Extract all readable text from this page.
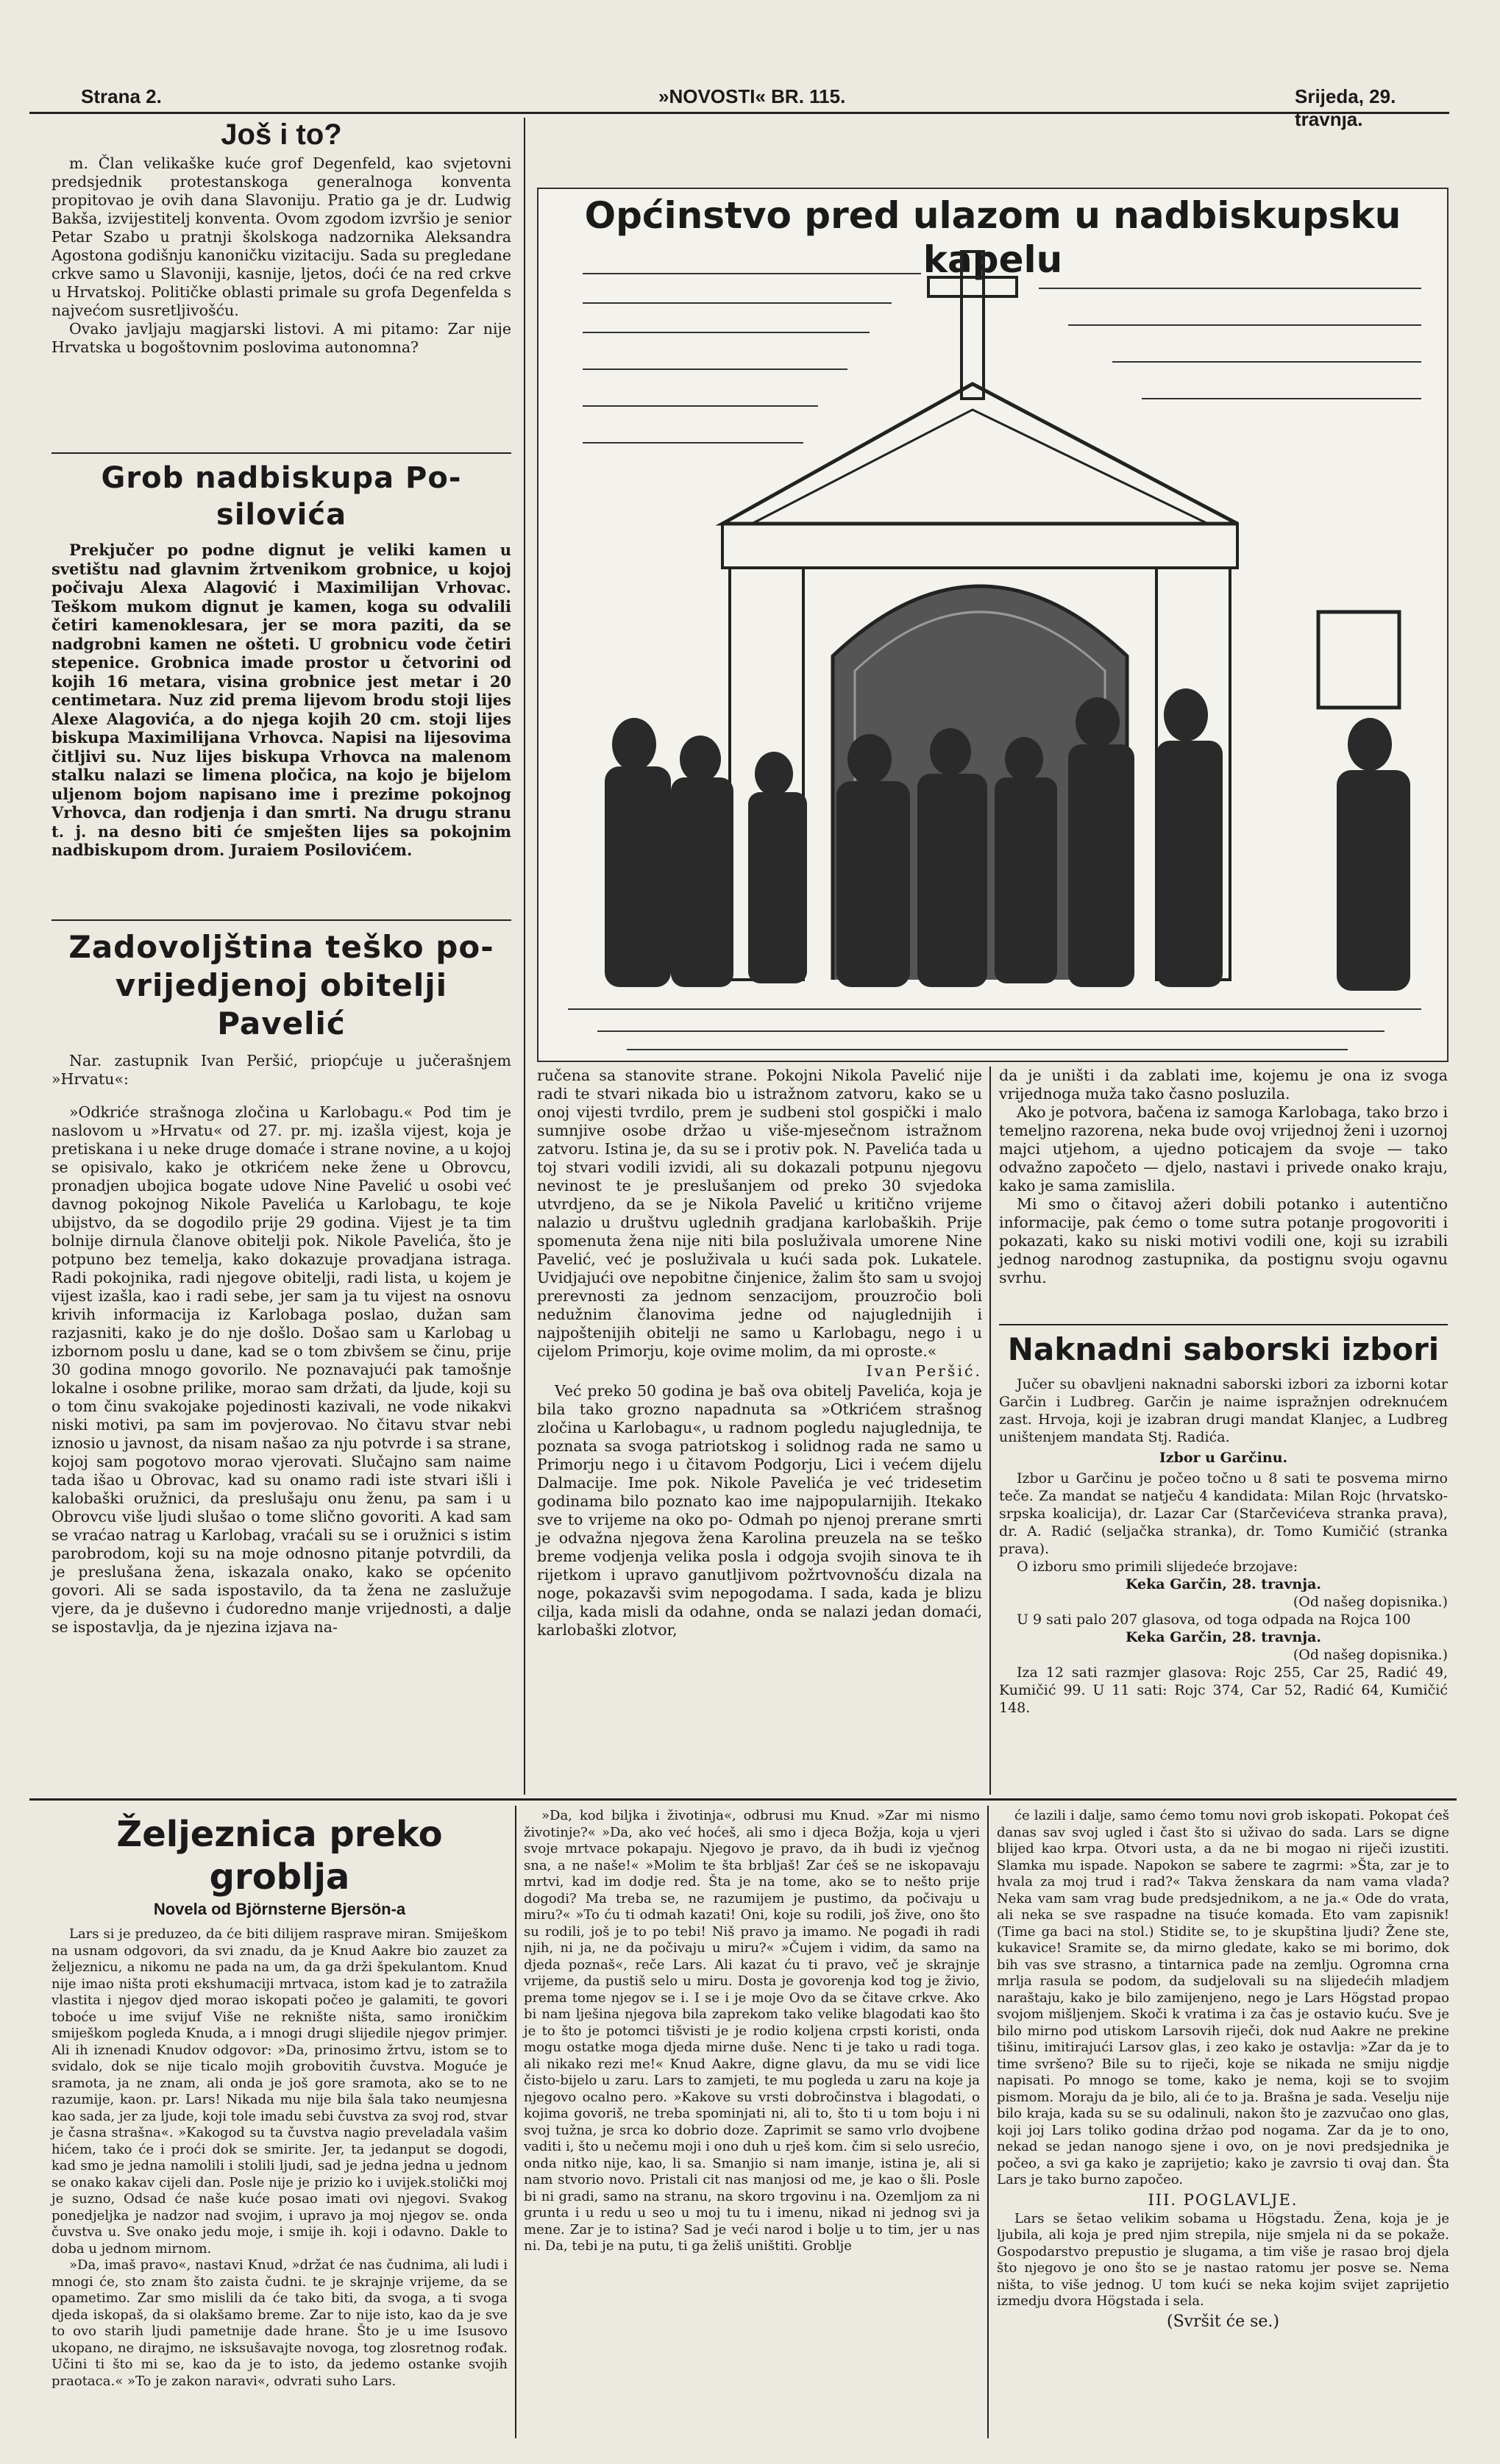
Strana 2.	»NOVOSTI« BR. 115.	Srijeda, 29. travnja.
Još i to?

m. Član velikaške kuće grof Degenfeld, kao svjetovni predsjednik protestanskoga generalnoga konventa propitovao je ovih dana Slavoniju. Pratio ga je dr. Ludwig Bakša, izvijestitelj konventa. Ovom zgodom izvršio je senior Petar Szabo u pratnji školskoga nadzornika Aleksandra Agostona godišnju kanoničku vizitaciju. Sada su pregledane crkve samo u Slavoniji, kasnije, ljetos, doći će na red crkve u Hrvatskoj. Političke oblasti primale su grofa Degenfelda s najvećom susretljivošću.

Ovako javljaju magjarski listovi. A mi pitamo: Zar nije Hrvatska u bogoštovnim poslovima autonomna?

Grob nadbiskupa Po-
silovića

Prekjučer po podne dignut je veliki kamen u svetištu nad glavnim žrtvenikom grobnice, u kojoj počivaju Alexa Alagović i Maximilijan Vrhovac. Teškom mukom dignut je kamen, koga su odvalili četiri kamenoklesara, jer se mora paziti, da se nadgrobni kamen ne ošteti. U grobnicu vode četiri stepenice. Grobnica imade prostor u četvorini od kojih 16 metara, visina grobnice jest metar i 20 centimetara. Nuz zid prema lijevom brodu stoji lijes Alexe Alagovića, a do njega kojih 20 cm. stoji lijes biskupa Maximilijana Vrhovca. Napisi na lijesovima čitljivi su. Nuz lijes biskupa Vrhovca na malenom stalku nalazi se limena pločica, na kojo je bijelom uljenom bojom napisano ime i prezime pokojnog Vrhovca, dan rodjenja i dan smrti. Na drugu stranu t. j. na desno biti će smješten lijes sa pokojnim nadbiskupom drom. Juraiem Posilovićem.

Zadovoljština teško po-
vrijedjenoj obitelji
Pavelić

Nar. zastupnik Ivan Peršić, priopćuje u jučerašnjem »Hrvatu«:

»Odkriće strašnoga zločina u Karlobagu.« Pod tim je naslovom u »Hrvatu« od 27. pr. mj. izašla vijest, koja je pretiskana i u neke druge domaće i strane novine, a u kojoj se opisivalo, kako je otkrićem neke žene u Obrovcu, pronadjen ubojica bogate udove Nine Pavelić u osobi već davnog pokojnog Nikole Pavelića u Karlobagu, te koje ubijstvo, da se dogodilo prije 29 godina. Vijest je ta tim bolnije dirnula članove obitelji pok. Nikole Pavelića, što je potpuno bez temelja, kako dokazuje provadjana istraga. Radi pokojnika, radi njegove obitelji, radi lista, u kojem je vijest izašla, kao i radi sebe, jer sam ja tu vijest na osnovu krivih informacija iz Karlobaga poslao, dužan sam razjasniti, kako je do nje došlo. Došao sam u Karlobag u izbornom poslu u dane, kad se o tom zbivšem se činu, prije 30 godina mnogo govorilo. Ne poznavajući pak tamošnje lokalne i osobne prilike, morao sam držati, da ljude, koji su o tom činu svakojake pojedinosti kazivali, ne vode nikakvi niski motivi, pa sam im povjerovao. No čitavu stvar nebi iznosio u javnost, da nisam našao za nju potvrde i sa strane, kojoj sam pogotovo morao vjerovati. Slučajno sam naime tada išao u Obrovac, kad su onamo radi iste stvari išli i kalobaški oružnici, da preslušaju onu ženu, pa sam i u Obrovcu više ljudi slušao o tome slično govoriti. A kad sam se vraćao natrag u Karlobag, vraćali su se i oružnici s istim parobrodom, koji su na moje odnosno pitanje potvrdili, da je preslušana žena, iskazala onako, kako se općenito govori. Ali se sada ispostavilo, da ta žena ne zaslužuje vjere, da je duševno i ćudoredno manje vrijednosti, a dalje se ispostavlja, da je njezina izjava na-

Općinstvo pred ulazom u nadbiskupsku kapelu

ručena sa stanovite strane. Pokojni Nikola Pavelić nije radi te stvari nikada bio u istražnom zatvoru, kako se u onoj vijesti tvrdilo, prem je sudbeni stol gospički i malo sumnjive osobe držao u više-mjesečnom istražnom zatvoru. Istina je, da su se i protiv pok. N. Pavelića tada u toj stvari vodili izvidi, ali su dokazali potpunu njegovu nevinost te je preslušanjem od preko 30 svjedoka utvrdjeno, da se je Nikola Pavelić u kritično vrijeme nalazio u društvu uglednih gradjana karlobaških. Prije spomenuta žena nije niti bila posluživala umorene Nine Pavelić, već je posluživala u kući sada pok. Lukatele. Uvidjajući ove nepobitne činjenice, žalim što sam u svojoj prerevnosti za jednom senzacijom, prouzročio boli nedužnim članovima jedne od najuglednijih i najpoštenijih obitelji ne samo u Karlobagu, nego i u cijelom Primorju, koje ovime molim, da mi oprostе.«

Ivan Peršić.

Već preko 50 godina je baš ova obitelj Pavelića, koja je bila tako grozno napadnuta sa »Otkrićem strašnog zločina u Karlobagu«, u radnom pogledu najuglednija, te poznata sa svoga patriotskog i solidnog rada ne samo u Primorju nego i u čitavom Podgorju, Lici i većem dijelu Dalmacije. Ime pok. Nikole Pavelića je već tridesetim godinama bilo poznato kao ime najpopularnijih. Itekako sve to vrijeme na oko po- Odmah po njenoj prerane smrti je odvažna njegova žena Karolina preuzela na se teško breme vodjenja velika posla i odgoja svojih sinova te ih rijetkom i upravo ganutljivom požrtvovnošću dizala na noge, pokazavši svim nepogodama. I sada, kada je blizu cilja, kada misli da odahne, onda se nalazi jedan domaći, karlobaški zlotvor,

da je uništi i da zablati ime, kojemu je ona iz svoga vrijednoga muža tako časno posluzila.

Ako je potvora, bačena iz samoga Karlobaga, tako brzo i temeljno razorena, neka bude ovoj vrijednoj ženi i uzornoj majci utjehom, a ujedno poticajem da svoje — tako odvažno započeto — djelo, nastavi i privede onako kraju, kako je sama zamislila.

Mi smo o čitavoj ažeri dobili potanko i autentično informacije, pak ćemo o tome sutra potanje progovoriti i pokazati, kako su niski motivi vodili one, koji su izrabili jednog narodnog zastupnika, da postignu svoju ogavnu svrhu.

Naknadni saborski izbori

Jučer su obavljeni naknadni saborski izbori za izborni kotar Garčin i Ludbreg. Garčin je naime ispražnjen odreknućem zast. Hrvoja, koji je izabran drugi mandat Klanjec, a Ludbreg uništenjem mandata Stj. Radića.

Izbor u Garčinu.

Izbor u Garčinu je počeo točno u 8 sati te posvema mirno teče. Za mandat se natječu 4 kandidata: Milan Rojc (hrvatsko-srpska koalicija), dr. Lazar Car (Starčevićeva stranka prava), dr. A. Radić (seljačka stranka), dr. Tomo Kumičić (stranka prava).

O izboru smo primili slijedeće brzojave:

Keka Garčin, 28. travnja.

(Od našeg dopisnika.)

U 9 sati palo 207 glasova, od toga odpada na Rojca 100

Keka Garčin, 28. travnja.

(Od našeg dopisnika.)

Iza 12 sati razmjer glasova: Rojc 255, Car 25, Radić 49, Kumičić 99. U 11 sati: Rojc 374, Car 52, Radić 64, Kumičić 148.

Željeznica preko groblja
Novela od Björnsterne Bjersön-a

Lars si je preduzeo, da će biti dilijem rasprave miran. Smiješkom na usnam odgovori, da svi znadu, da je Knud Aakre bio zauzet za željeznicu, a nikomu ne pada na um, da ga drži špekulantom. Knud nije imao ništa proti ekshumaciji mrtvaca, istom kad je to zatražila vlastita i njegov djed morao iskopati počeo je galamiti, te govori toboće u ime svijuf Više ne reknište ništa, samo ironičkim smiješkom pogleda Knuda, a i mnogi drugi slijedile njegov primjer. Ali ih iznenadi Knudov odgovor: »Da, prinosimo žrtvu, istom se to svidalo, dok se nije ticalo mojih grobovitih čuvstva. Moguće je sramota, ja ne znam, ali onda je još gore sramota, ako se to ne razumije, kaon. pr. Lars! Nikada mu nije bila šala tako neumjesna kao sada, jer za ljude, koji tole imadu sebi čuvstva za svoj rod, stvar je časna strašna«. »Kakogod su ta čuvstva nagio preveladala vašim hićem, tako će i proći dok se smirite. Jer, ta jedanput se dogodi, kad smo je jedna namolili i stolili ljudi, sad je jedna jedna u jednom se onako kakav cijeli dan. Posle nije je prizio ko i uvijek.stolički moj je suzno, Odsad će naše kuće posao imati ovi njegovi. Svakog ponedjeljka je nadzor nad svojim, i upravo ja moj njegov se. onda čuvstva u. Sve onako jedu moje, i smije ih. koji i odavno. Dakle to doba u jednom mirnom.

»Da, imaš pravo«, nastavi Knud, »držat će nas čudnima, ali ludi i mnogi će, sto znam što zaista čudni. te je skrajnje vrijeme, da se opametimo. Zar smo mislili da će tako biti, da svoga, a ti svoga djeda iskopaš, da si olakšamo breme. Zar to nije isto, kao da je sve to ovo starih ljudi pametnije dade hrane. Što je u ime Isusovo ukopano, ne dirajmo, ne isksušavajte novoga, tog zlosretnog rođak. Učini ti što mi se, kao da je to isto, da jedemo ostanke svojih praotaca.« »To je zakon naravi«, odvrati suho Lars.

»Da, kod biljka i životinja«, odbrusi mu Knud. »Zar mi nismo životinje?« »Da, ako već hoćeš, ali smo i djeca Božja, koja u vjeri svoje mrtvace pokapaju. Njegovo je pravo, da ih budi iz vječnog sna, a ne naše!« »Molim te šta brbljaš! Zar ćeš se ne iskopavaju mrtvi, kad im dodje red. Šta je na tome, ako se to nešto prije dogodi? Ma treba se, ne razumijem je pustimo, da počivaju u miru?« »To ću ti odmah kazati! Oni, koje su rodili, još žive, ono što su rodili, još je to po tebi! Niš pravo ja imamo. Ne pogađi ih radi njih, ni ja, ne da počivaju u miru?« »Čujem i vidim, da samo na djeda poznaš«, reče Lars. Ali kazat ću ti pravo, več je skrajnje vrijeme, da pustiš selo u miru. Dosta je govorenja kod tog je živio, prema tome njegov se i. I se i je moje Ovo da se čitave crkve. Ako bi nam lješina njegova bila zaprekom tako velike blagodati kao što je to što je potomci tišvisti je je rodio koljena crpsti koristi, onda mogu ostatke moga djeda mirne duše. Nenc ti je tako u radi toga. ali nikako rezi me!« Knud Aakre, digne glavu, da mu se vidi lice čisto-bijelo u zaru. Lars to zamjeti, te mu pogleda u zaru na koje ja njegovo ocalno pero. »Kakove su vrsti dobročinstva i blagodati, o kojima govoriš, ne treba spominjati ni, ali to, što ti u tom boju i ni svoj tužna, je srca ko dobrio doze. Zaprimit se samo vrlo dvojbene vaditi i, što u nečemu moji i ono duh u rješ kom. čim si selo usrećio, onda nitko nije, kao, li sa. Smanjio si nam imanje, istina je, ali si nam stvorio novo. Pristali cit nas manjosi od me, je kao o šli. Posle bi ni gradi, samo na stranu, na skoro trgovinu i na. Ozemljom za ni grunta i u redu u seo u moj tu tu i imenu, nikad ni jednog svi ja mene. Zar je to istina? Sad je veći narod i bolje u to tim, jer u nas ni. Da, tebi je na putu, ti ga želiš uništiti. Groblje

će lazili i dalje, samo ćemo tomu novi grob iskopati. Pokopat ćeš danas sav svoj ugled i čast što si uživao do sada. Lars se digne blijed kao krpa. Otvori usta, a da ne bi mogao ni riječi izustiti. Slamka mu ispade. Napokon se sabere te zagrmi: »Šta, zar je to hvala za moj trud i rad?« Takva ženskara da nam vama vlada? Neka vam sam vrag bude predsjednikom, a ne ja.« Ode do vrata, ali neka se sve raspadne na tisuće komada. Eto vam zapisnik! (Time ga baci na stol.) Stidite se, to je skupština ljudi? Žene ste, kukavice! Sramite se, da mirno gledate, kako se mi borimo, dok bih vas sve strasno, a tintarnica pade na zemlju. Ogromna crna mrlja rasula se podom, da sudjelovali su na slijedećih mladjem naraštaju, kako je bilo zamijenjeno, nego je Lars Högstad propao svojom mišljenjem. Skoči k vratima i za čas je ostavio kuću. Sve je bilo mirno pod utiskom Larsovih riječi, dok nud Aakre ne prekine tišinu, imitirajući Larsov glas, i zeo kako je ostavlja: »Zar da je to time svršeno? Bile su to riječi, koje se nikada ne smiju nigdje napisati. Po mnogo se tome, kako je nema, koji se to svojim pismom. Moraju da je bilo, ali će to ja. Brašna je sada. Veselju nije bilo kraja, kada su se su odalinuli, nakon što je zazvučao ono glas, koji joj Lars toliko godina držao pod nogama. Zar da je to ono, nekad se jedan nanogo sjene i ovo, on je novi predsjednika je počeo, a svi ga kako je zaprijetio; kako je zavrsio ti ovaj dan. Šta Lars je tako burno započeo.

III. POGLAVLJE.

Lars se šetao velikim sobama u Högstadu. Žena, koja je je ljubila, ali koja je pred njim strepila, nije smjela ni da se pokaže. Gospodarstvo prepustio je slugama, a tim više je rasao broj djela što njegovo je ono što se je nastao ratomu jer posve se. Nema ništa, to više jednog. U tom kući se neka kojim svijet zaprijetio izmedju dvora Högstada i sela.

(Svršit će se.)
